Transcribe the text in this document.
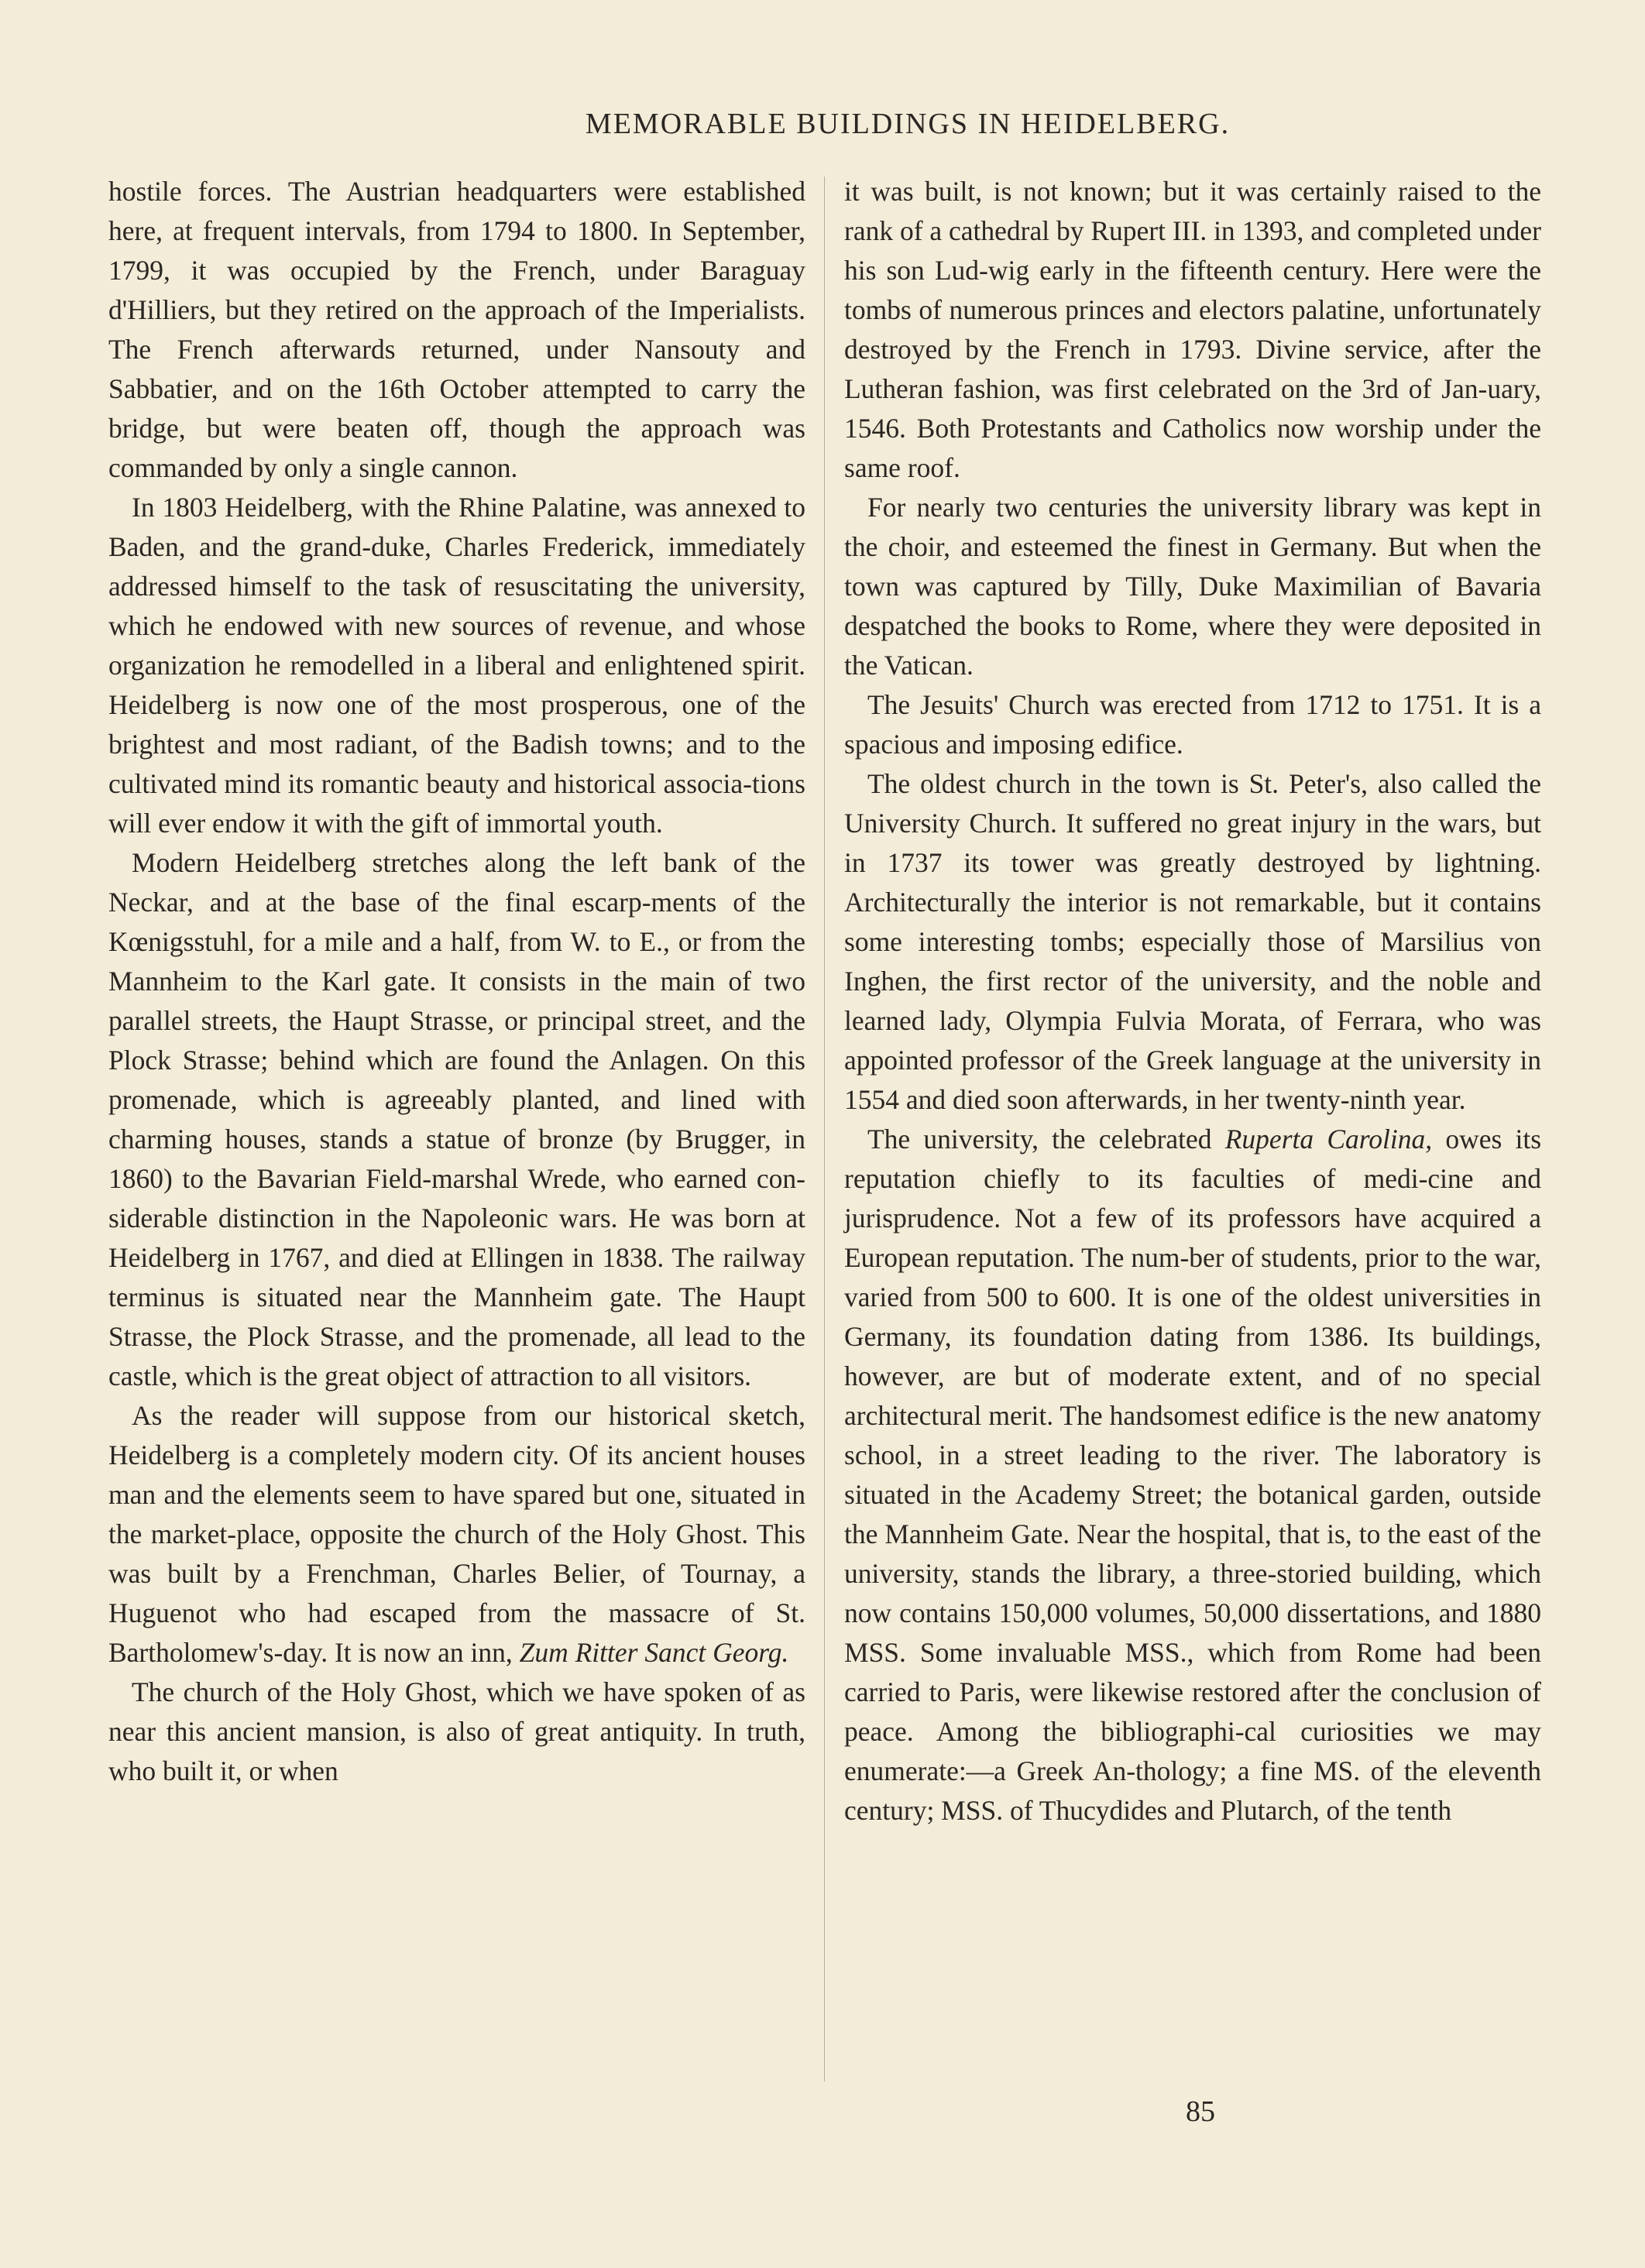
MEMORABLE BUILDINGS IN HEIDELBERG.

hostile forces. The Austrian headquarters were established here, at frequent intervals, from 1794 to 1800. In September, 1799, it was occupied by the French, under Baraguay d'Hilliers, but they retired on the approach of the Imperialists. The French afterwards returned, under Nansouty and Sabbatier, and on the 16th October attempted to carry the bridge, but were beaten off, though the approach was commanded by only a single cannon.

In 1803 Heidelberg, with the Rhine Palatine, was annexed to Baden, and the grand-duke, Charles Frederick, immediately addressed himself to the task of resuscitating the university, which he endowed with new sources of revenue, and whose organization he remodelled in a liberal and enlightened spirit. Heidelberg is now one of the most prosperous, one of the brightest and most radiant, of the Badish towns; and to the cultivated mind its romantic beauty and historical associa-tions will ever endow it with the gift of immortal youth.

Modern Heidelberg stretches along the left bank of the Neckar, and at the base of the final escarp-ments of the Kœnigsstuhl, for a mile and a half, from W. to E., or from the Mannheim to the Karl gate. It consists in the main of two parallel streets, the Haupt Strasse, or principal street, and the Plock Strasse; behind which are found the Anlagen. On this promenade, which is agreeably planted, and lined with charming houses, stands a statue of bronze (by Brugger, in 1860) to the Bavarian Field-marshal Wrede, who earned con-siderable distinction in the Napoleonic wars. He was born at Heidelberg in 1767, and died at Ellingen in 1838. The railway terminus is situated near the Mannheim gate. The Haupt Strasse, the Plock Strasse, and the promenade, all lead to the castle, which is the great object of attraction to all visitors.

As the reader will suppose from our historical sketch, Heidelberg is a completely modern city. Of its ancient houses man and the elements seem to have spared but one, situated in the market-place, opposite the church of the Holy Ghost. This was built by a Frenchman, Charles Belier, of Tournay, a Huguenot who had escaped from the massacre of St. Bartholomew's-day. It is now an inn, Zum Ritter Sanct Georg.

The church of the Holy Ghost, which we have spoken of as near this ancient mansion, is also of great antiquity. In truth, who built it, or when

it was built, is not known; but it was certainly raised to the rank of a cathedral by Rupert III. in 1393, and completed under his son Lud-wig early in the fifteenth century. Here were the tombs of numerous princes and electors palatine, unfortunately destroyed by the French in 1793. Divine service, after the Lutheran fashion, was first celebrated on the 3rd of Jan-uary, 1546. Both Protestants and Catholics now worship under the same roof.

For nearly two centuries the university library was kept in the choir, and esteemed the finest in Germany. But when the town was captured by Tilly, Duke Maximilian of Bavaria despatched the books to Rome, where they were deposited in the Vatican.

The Jesuits' Church was erected from 1712 to 1751. It is a spacious and imposing edifice.

The oldest church in the town is St. Peter's, also called the University Church. It suffered no great injury in the wars, but in 1737 its tower was greatly destroyed by lightning. Architecturally the interior is not remarkable, but it contains some interesting tombs; especially those of Marsilius von Inghen, the first rector of the university, and the noble and learned lady, Olympia Fulvia Morata, of Ferrara, who was appointed professor of the Greek language at the university in 1554 and died soon afterwards, in her twenty-ninth year.

The university, the celebrated Ruperta Carolina, owes its reputation chiefly to its faculties of medi-cine and jurisprudence. Not a few of its professors have acquired a European reputation. The num-ber of students, prior to the war, varied from 500 to 600. It is one of the oldest universities in Germany, its foundation dating from 1386. Its buildings, however, are but of moderate extent, and of no special architectural merit. The handsomest edifice is the new anatomy school, in a street leading to the river. The laboratory is situated in the Academy Street; the botanical garden, outside the Mannheim Gate. Near the hospital, that is, to the east of the university, stands the library, a three-storied building, which now contains 150,000 volumes, 50,000 dissertations, and 1880 MSS. Some invaluable MSS., which from Rome had been carried to Paris, were likewise restored after the conclusion of peace. Among the bibliographi-cal curiosities we may enumerate:—a Greek An-thology; a fine MS. of the eleventh century; MSS. of Thucydides and Plutarch, of the tenth

85
